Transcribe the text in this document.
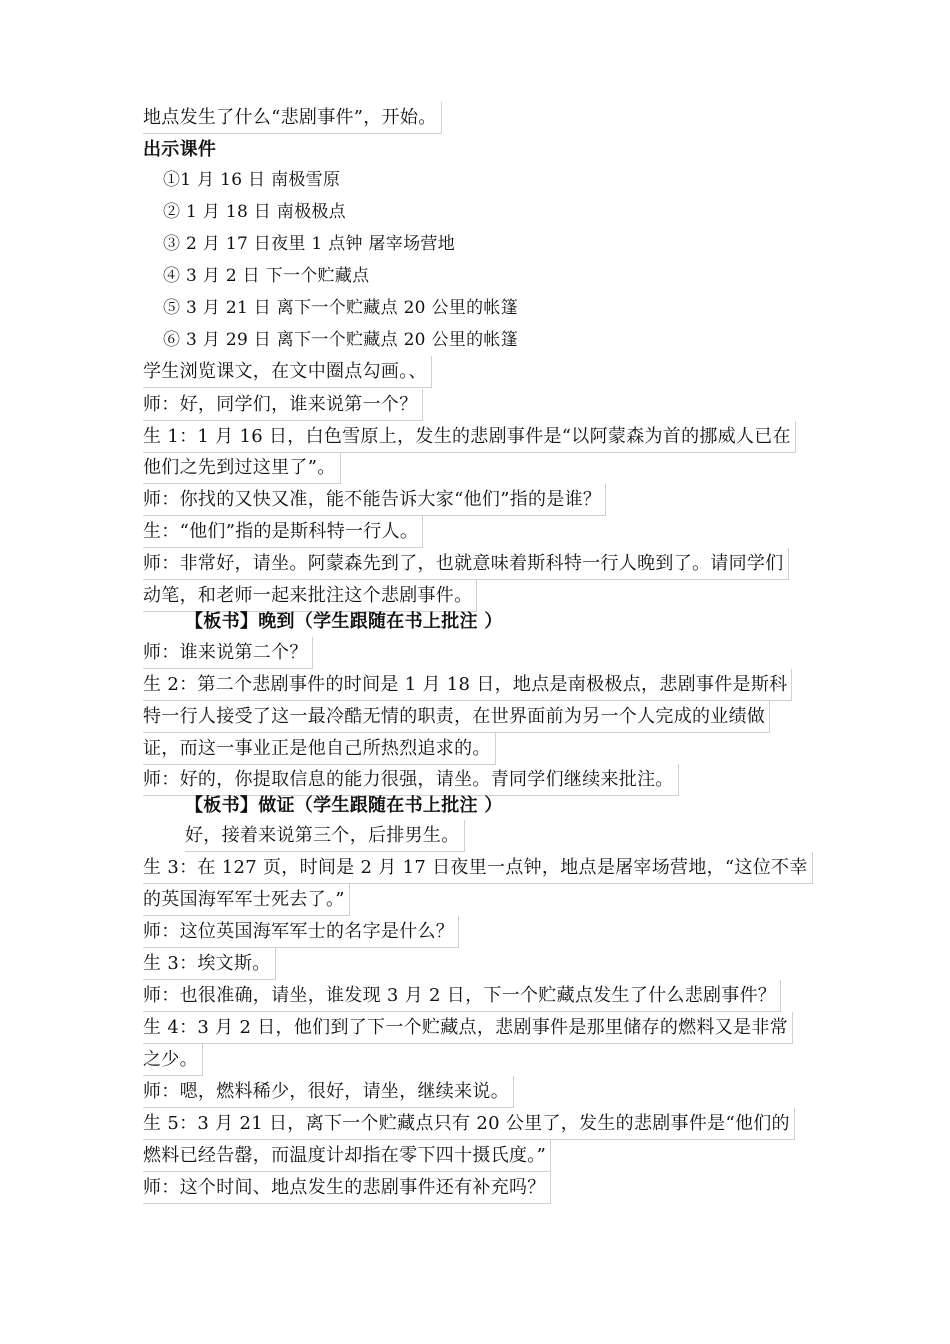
地点发生了什么“悲剧事件”，开始。
出示课件
①1 月 16 日 南极雪原
② 1 月 18 日 南极极点
③ 2 月 17 日夜里 1 点钟 屠宰场营地
④ 3 月 2 日 下一个贮藏点
⑤ 3 月 21 日 离下一个贮藏点 20 公里的帐篷
⑥ 3 月 29 日 离下一个贮藏点 20 公里的帐篷
学生浏览课文，在文中圈点勾画。、
师：好，同学们，谁来说第一个？
生 1：1 月 16 日，白色雪原上，发生的悲剧事件是“以阿蒙森为首的挪威人已在
他们之先到过这里了”。
师：你找的又快又准，能不能告诉大家“他们”指的是谁？
生：“他们”指的是斯科特一行人。
师：非常好，请坐。阿蒙森先到了，也就意味着斯科特一行人晚到了。请同学们
动笔，和老师一起来批注这个悲剧事件。
【板书】晚到（学生跟随在书上批注 ）
师：谁来说第二个？
生 2：第二个悲剧事件的时间是 1 月 18 日，地点是南极极点，悲剧事件是斯科
特一行人接受了这一最冷酷无情的职责，在世界面前为另一个人完成的业绩做
证，而这一事业正是他自己所热烈追求的。
师：好的，你提取信息的能力很强，请坐。青同学们继续来批注。
【板书】做证（学生跟随在书上批注 ）
好，接着来说第三个，后排男生。
生 3：在 127 页，时间是 2 月 17 日夜里一点钟，地点是屠宰场营地，“这位不幸
的英国海军军士死去了。”
师：这位英国海军军士的名字是什么？
生 3：埃文斯。
师：也很准确，请坐，谁发现 3 月 2 日，下一个贮藏点发生了什么悲剧事件？
生 4：3 月 2 日，他们到了下一个贮藏点，悲剧事件是那里储存的燃料又是非常
之少。
师：嗯，燃料稀少，很好，请坐，继续来说。
生 5：3 月 21 日，离下一个贮藏点只有 20 公里了，发生的悲剧事件是“他们的
燃料已经告罄，而温度计却指在零下四十摄氏度。”
师：这个时间、地点发生的悲剧事件还有补充吗？
